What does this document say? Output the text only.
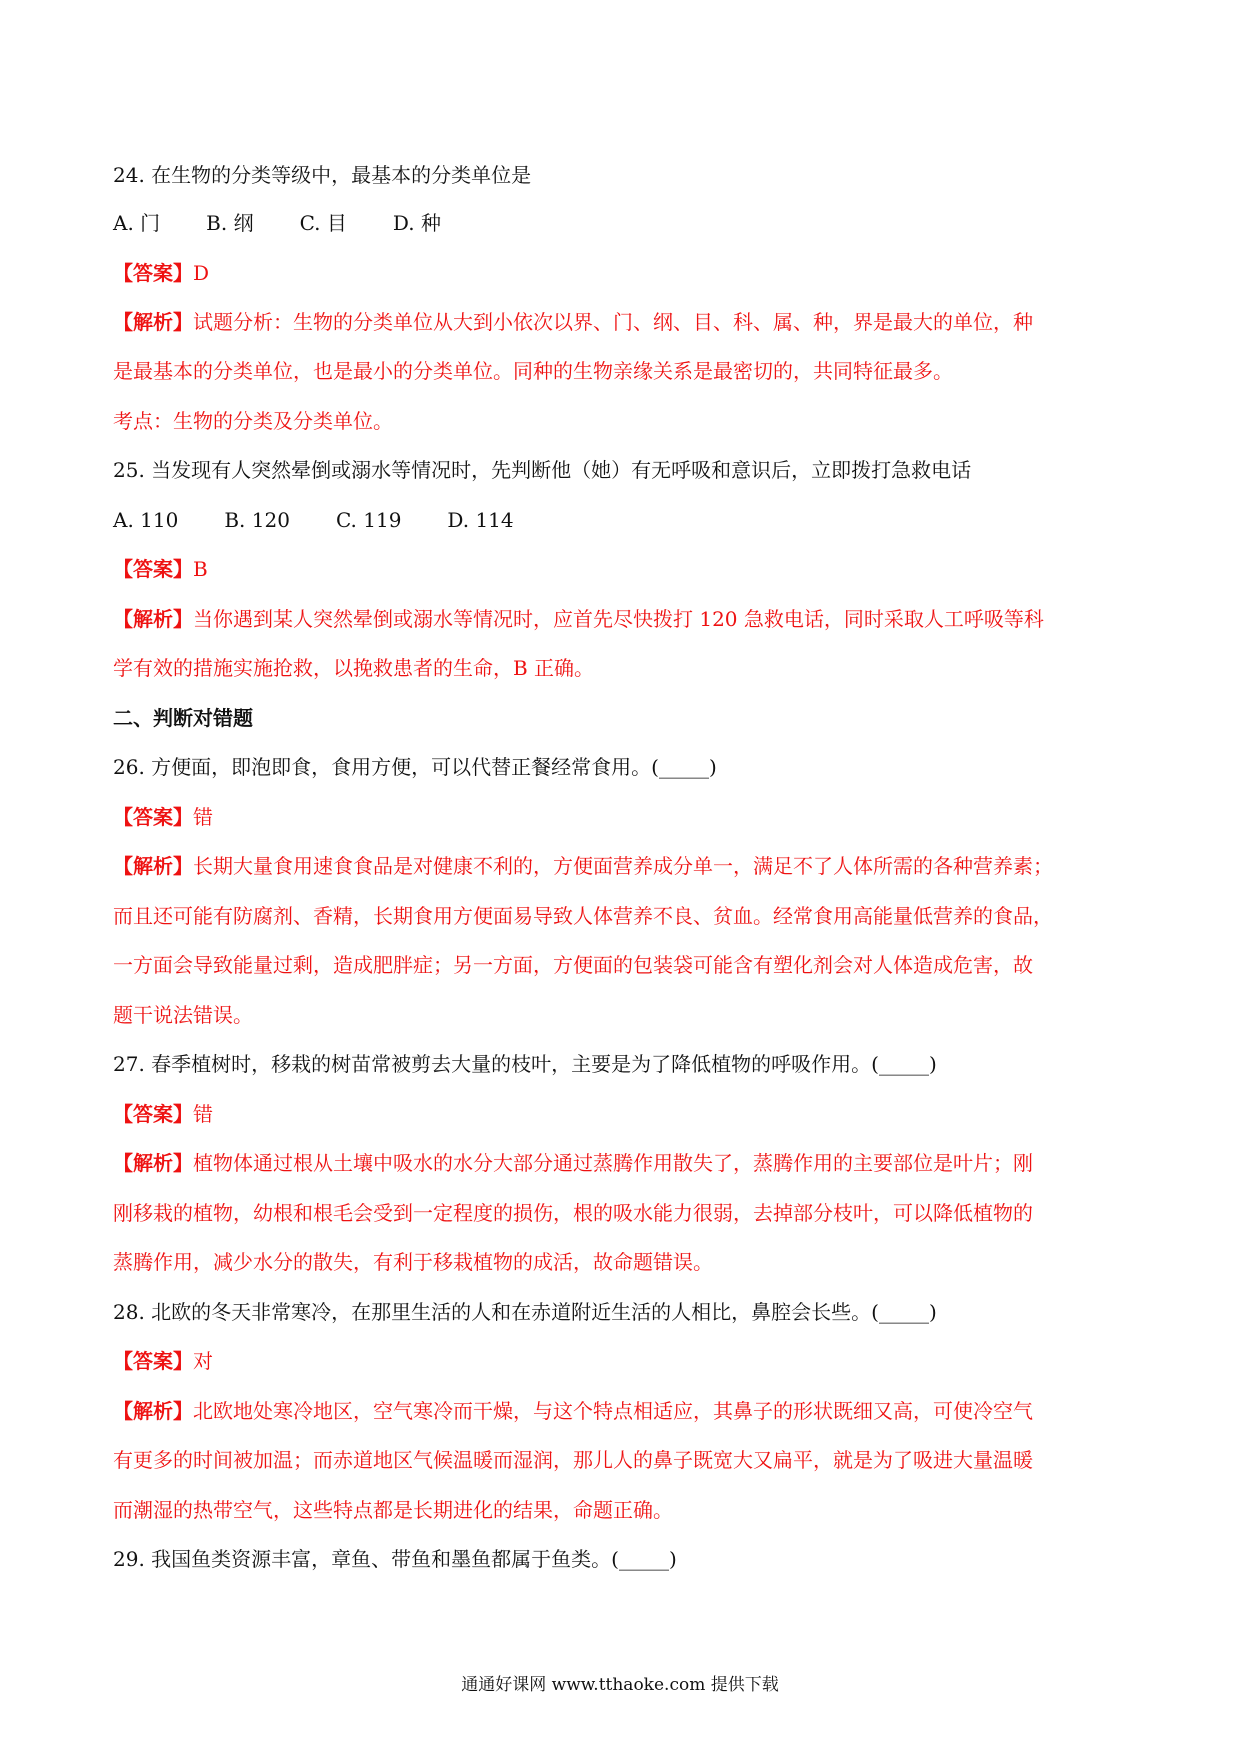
24. 在生物的分类等级中，最基本的分类单位是
A. 门 B. 纲 C. 目 D. 种
【答案】D
【解析】试题分析：生物的分类单位从大到小依次以界、门、纲、目、科、属、种，界是最大的单位，种
是最基本的分类单位，也是最小的分类单位。同种的生物亲缘关系是最密切的，共同特征最多。
考点：生物的分类及分类单位。
25. 当发现有人突然晕倒或溺水等情况时，先判断他（她）有无呼吸和意识后，立即拨打急救电话
A. 110 B. 120 C. 119 D. 114
【答案】B
【解析】当你遇到某人突然晕倒或溺水等情况时，应首先尽快拨打 120 急救电话，同时采取人工呼吸等科
学有效的措施实施抢救，以挽救患者的生命，B 正确。
二、判断对错题
26. 方便面，即泡即食，食用方便，可以代替正餐经常食用。(_____)
【答案】错
【解析】长期大量食用速食食品是对健康不利的，方便面营养成分单一，满足不了人体所需的各种营养素；
而且还可能有防腐剂、香精，长期食用方便面易导致人体营养不良、贫血。经常食用高能量低营养的食品，
一方面会导致能量过剩，造成肥胖症；另一方面，方便面的包装袋可能含有塑化剂会对人体造成危害，故
题干说法错误。
27. 春季植树时，移栽的树苗常被剪去大量的枝叶，主要是为了降低植物的呼吸作用。(_____)
【答案】错
【解析】植物体通过根从土壤中吸水的水分大部分通过蒸腾作用散失了，蒸腾作用的主要部位是叶片；刚
刚移栽的植物，幼根和根毛会受到一定程度的损伤，根的吸水能力很弱，去掉部分枝叶，可以降低植物的
蒸腾作用，减少水分的散失，有利于移栽植物的成活，故命题错误。
28. 北欧的冬天非常寒冷，在那里生活的人和在赤道附近生活的人相比，鼻腔会长些。(_____)
【答案】对
【解析】北欧地处寒冷地区，空气寒冷而干燥，与这个特点相适应，其鼻子的形状既细又高，可使冷空气
有更多的时间被加温；而赤道地区气候温暖而湿润，那儿人的鼻子既宽大又扁平，就是为了吸进大量温暖
而潮湿的热带空气，这些特点都是长期进化的结果，命题正确。
29. 我国鱼类资源丰富，章鱼、带鱼和墨鱼都属于鱼类。(_____)
通通好课网 www.tthaoke.com 提供下载
